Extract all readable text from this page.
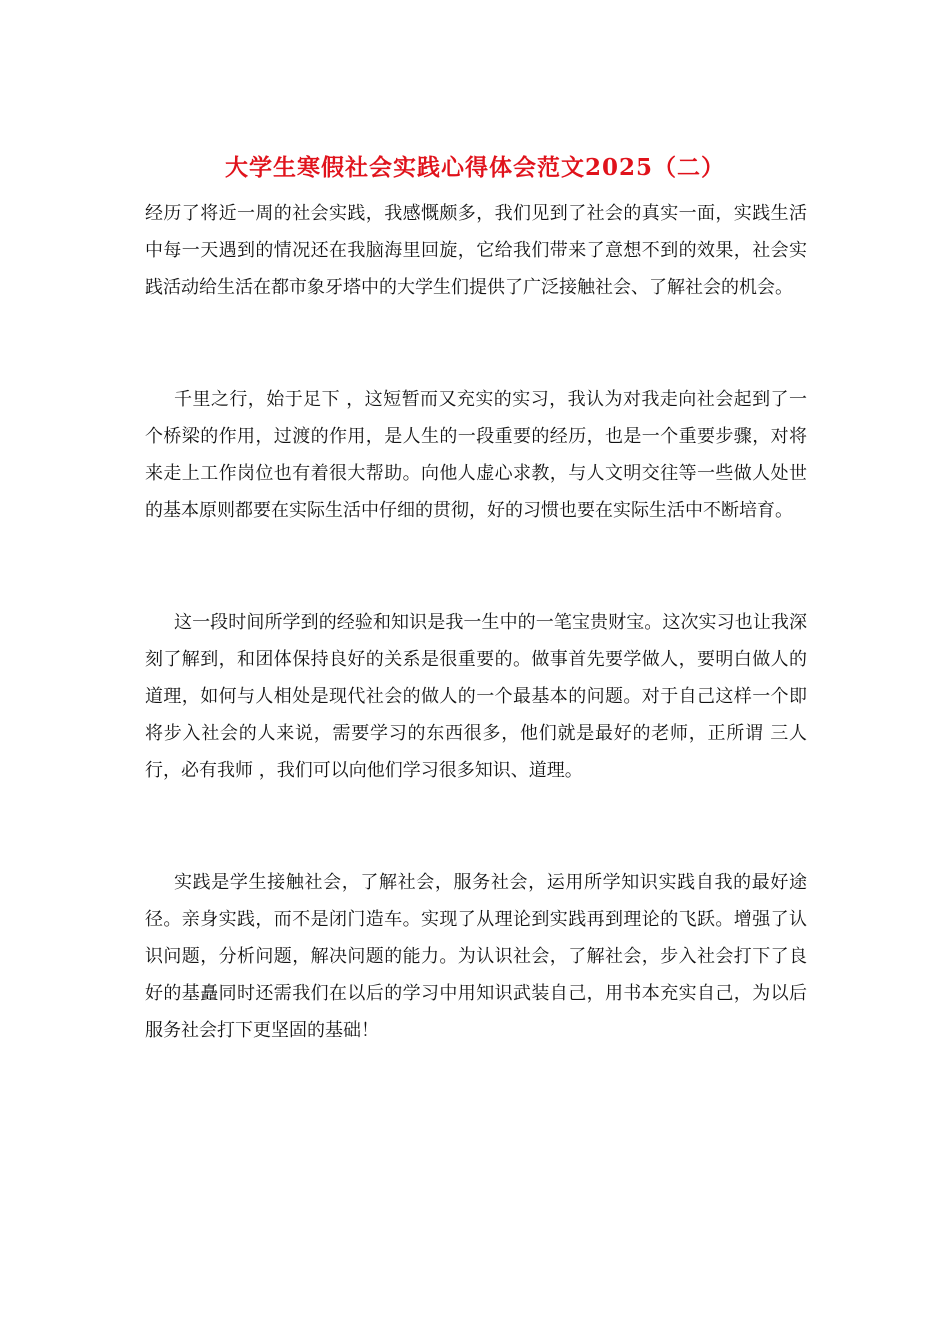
大学生寒假社会实践心得体会范文2025（二）

经历了将近一周的社会实践，我感慨颇多，我们见到了社会的真实一面，实践生活中每一天遇到的情况还在我脑海里回旋，它给我们带来了意想不到的效果，社会实践活动给生活在都市象牙塔中的大学生们提供了广泛接触社会、了解社会的机会。

千里之行，始于足下 ，这短暂而又充实的实习，我认为对我走向社会起到了一个桥梁的作用，过渡的作用，是人生的一段重要的经历，也是一个重要步骤，对将来走上工作岗位也有着很大帮助。向他人虚心求教，与人文明交往等一些做人处世的基本原则都要在实际生活中仔细的贯彻，好的习惯也要在实际生活中不断培育。

这一段时间所学到的经验和知识是我一生中的一笔宝贵财宝。这次实习也让我深刻了解到，和团体保持良好的关系是很重要的。做事首先要学做人，要明白做人的道理，如何与人相处是现代社会的做人的一个最基本的问题。对于自己这样一个即将步入社会的人来说，需要学习的东西很多，他们就是最好的老师，正所谓 三人行，必有我师 ，我们可以向他们学习很多知识、道理。

实践是学生接触社会，了解社会，服务社会，运用所学知识实践自我的最好途径。亲身实践，而不是闭门造车。实现了从理论到实践再到理论的飞跃。增强了认识问题，分析问题，解决问题的能力。为认识社会，了解社会，步入社会打下了良好的基矗同时还需我们在以后的学习中用知识武装自己，用书本充实自己，为以后服务社会打下更坚固的基础！
